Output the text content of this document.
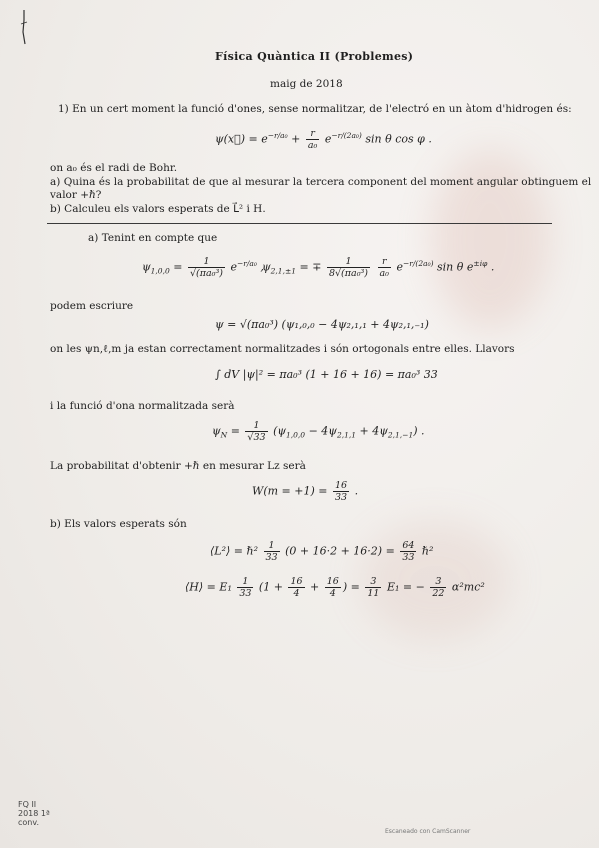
Física Quàntica II (Problemes)
maig de 2018
1) En un cert moment la funció d'ones, sense normalitzar, de l'electró en un àtom d'hidrogen és:
ψ(x⃗) = $e^{-r/a_0} + \frac{r}{\text{a₀}} e^{-r/(2a_0)}$ sin θ cos φ .
on a₀ és el radi de Bohr.
a) Quina és la probabilitat de que al mesurar la tercera component del moment angular obtinguem el
valor +ℏ?
b) Calculeu els valors esperats de L⃗² i H.
a) Tenint en compte que
$\psi_{1,0,0} = \frac{1}{\text{√(πa₀³)}} e^{-r/a_0}$ ,
$\psi_{2,1,\pm 1}$ = ∓ $\frac{1}{\text{8√(πa₀³)}}$
$\frac{r}{\text{a₀}} e^{-r/(2a_0)}$ sin θ $e^{\pm i\varphi}$ .
podem escriure
ψ = √(πa₀³) (ψ₁,₀,₀ − 4ψ₂,₁,₁ + 4ψ₂,₁,₋₁)
on les ψn,ℓ,m ja estan correctament normalitzades i són ortogonals entre elles. Llavors
∫ dV |ψ|² = πa₀³ (1 + 16 + 16) = πa₀³ 33
i la funció d'ona normalitzada serà
$\psi_N = \frac{1}{√33} (\psi_{1,0,0} - 4\psi_{2,1,1} + 4\psi_{2,1,-1})$ .
La probabilitat d'obtenir +ℏ en mesurar Lz serà
$W(m = +1) = \frac{16}{33}$ .
b) Els valors esperats són
⟨L²⟩ = ℏ² $\frac{1}{33} (0 + 16\cdot 2 + 16\cdot 2) = \frac{64}{33}$ ℏ²
⟨H⟩ = $E_1 \frac{1}{33} (1 + \frac{16}{4} + \frac{16}{4}$ ) = $\frac{3}{11} E_1$ = − $\frac{3}{22} \alpha^2mc^2$
FQ II
2018 1ª
conv.
Escaneado con CamScanner
